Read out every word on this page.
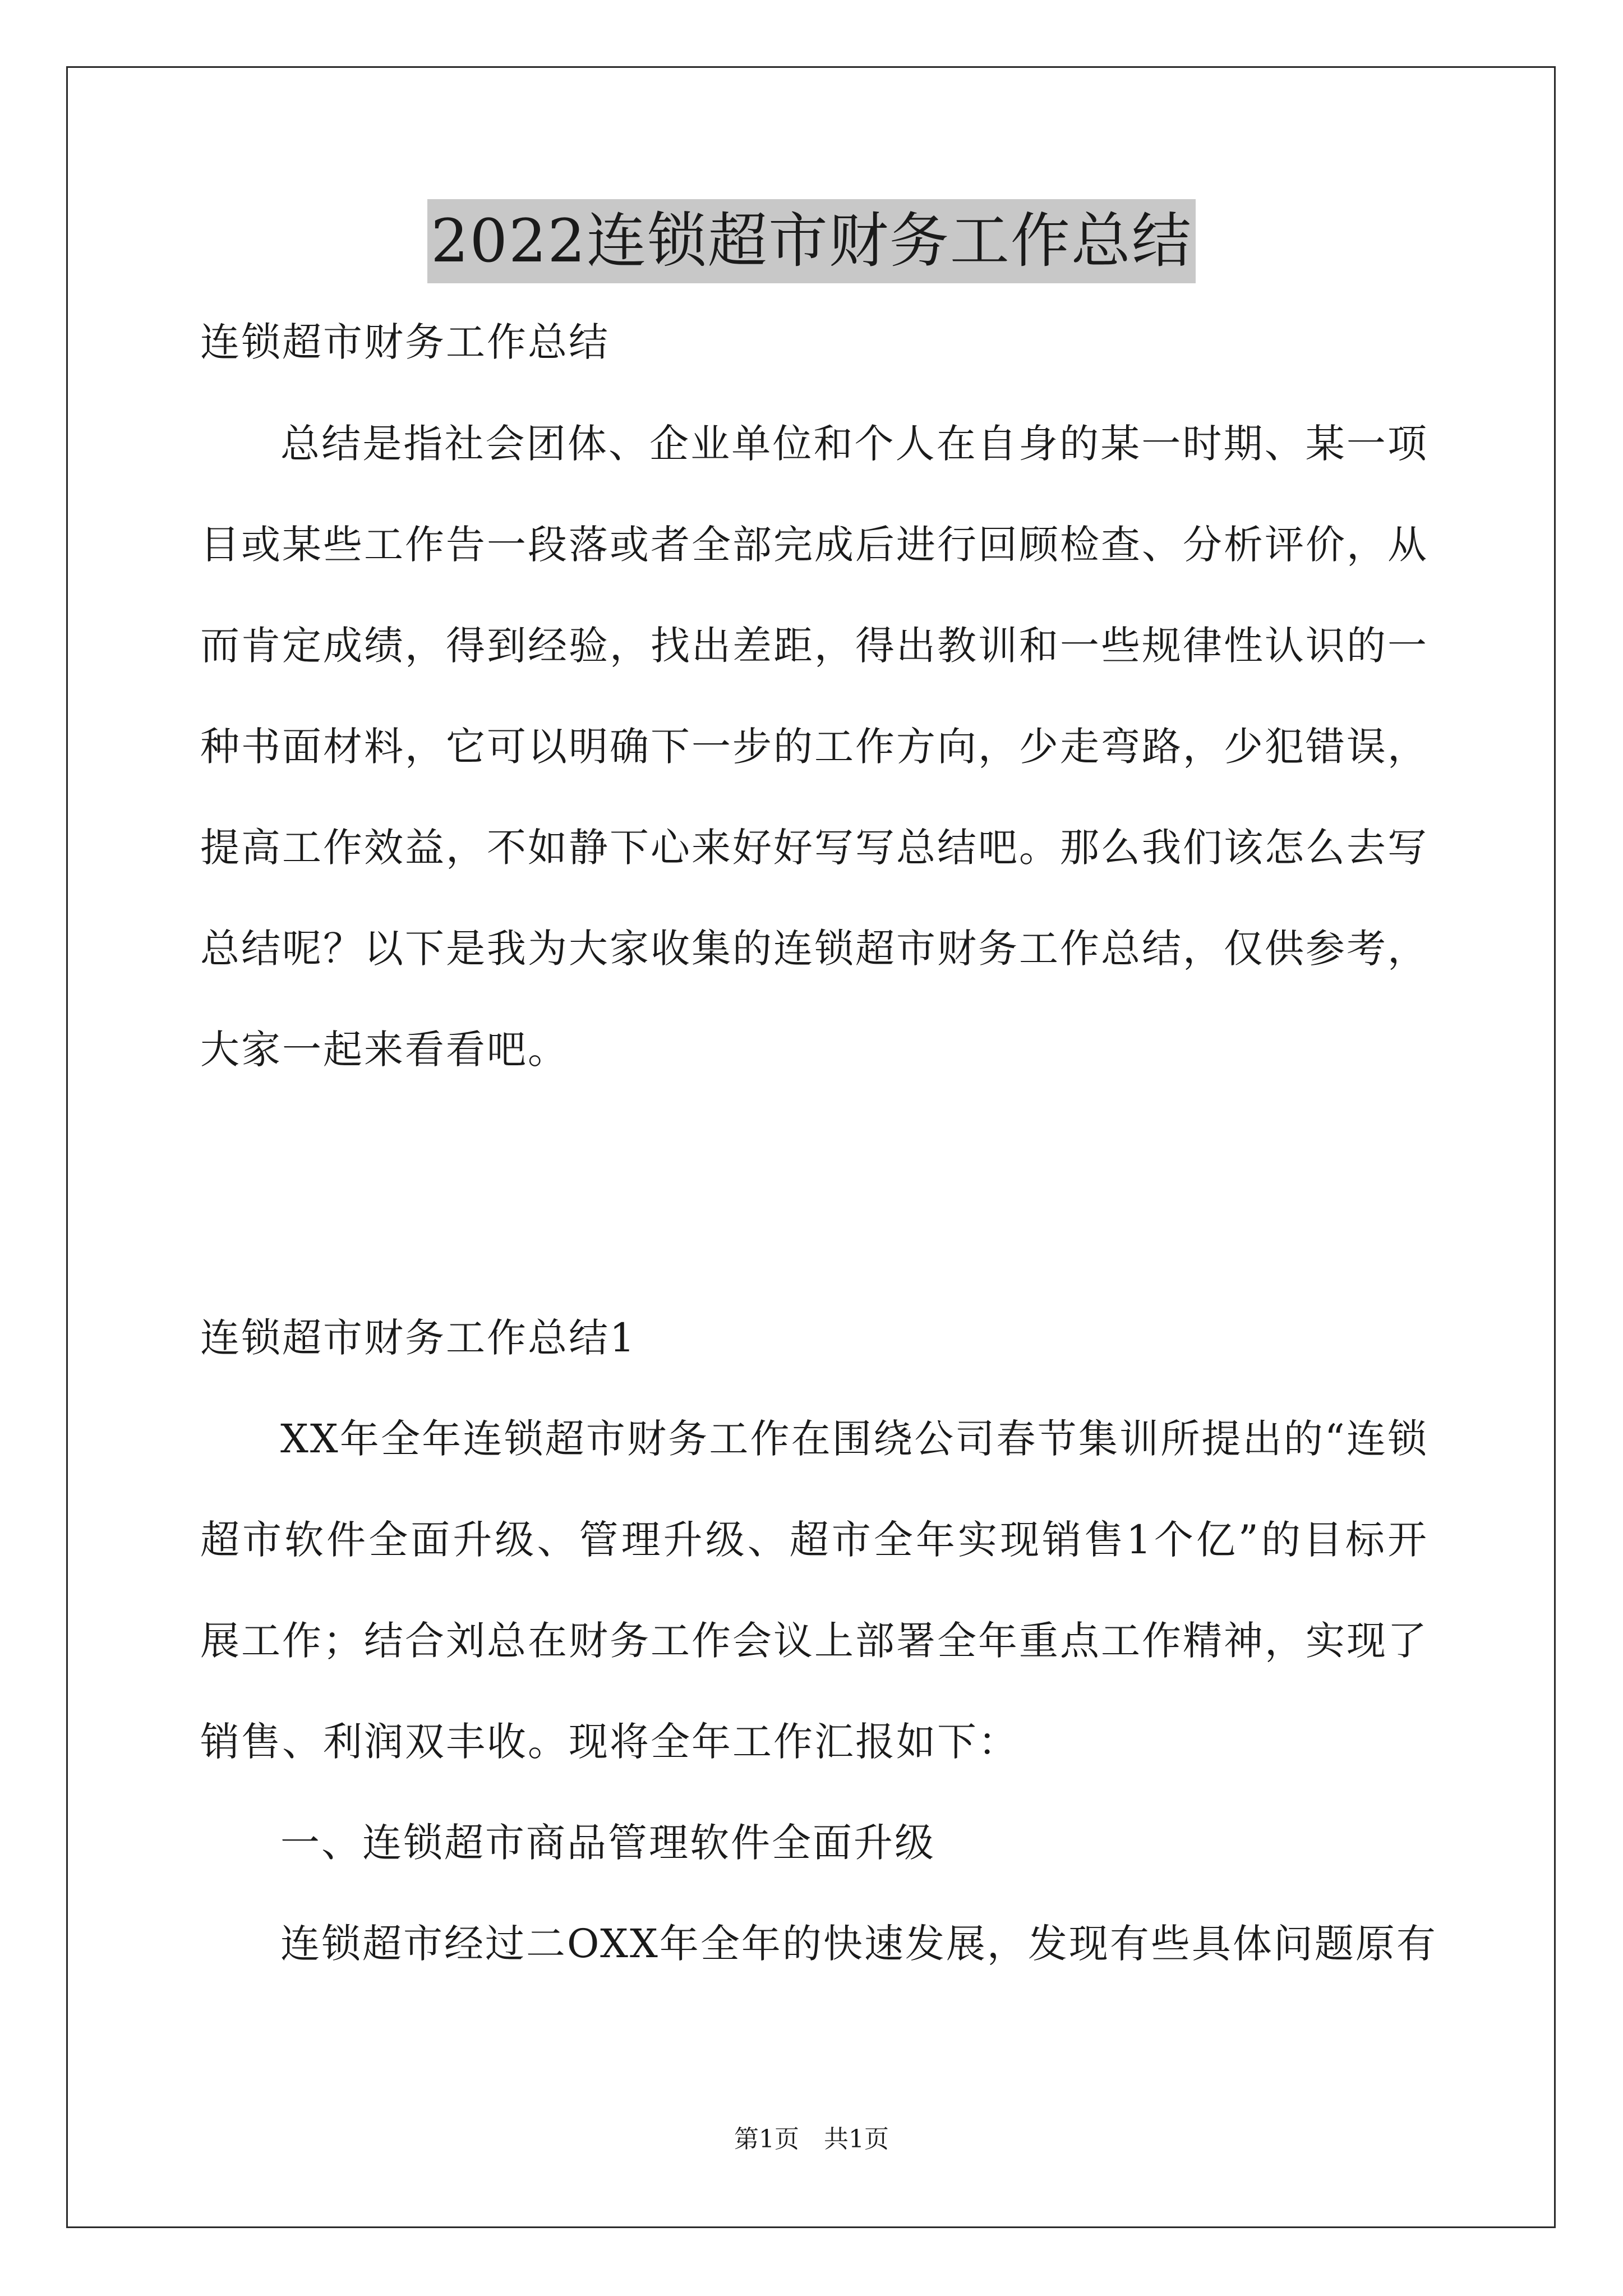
2022连锁超市财务工作总结
连锁超市财务工作总结
总结是指社会团体、企业单位和个人在自身的某一时期、某一项
目或某些工作告一段落或者全部完成后进行回顾检查、分析评价，从
而肯定成绩，得到经验，找出差距，得出教训和一些规律性认识的一
种书面材料，它可以明确下一步的工作方向，少走弯路，少犯错误，
提高工作效益，不如静下心来好好写写总结吧。那么我们该怎么去写
总结呢？以下是我为大家收集的连锁超市财务工作总结，仅供参考，
大家一起来看看吧。
连锁超市财务工作总结1
XX年全年连锁超市财务工作在围绕公司春节集训所提出的“连锁
超市软件全面升级、管理升级、超市全年实现销售1个亿”的目标开
展工作；结合刘总在财务工作会议上部署全年重点工作精神，实现了
销售、利润双丰收。现将全年工作汇报如下：
一、连锁超市商品管理软件全面升级
连锁超市经过二OXX年全年的快速发展，发现有些具体问题原有
第1页　共1页
